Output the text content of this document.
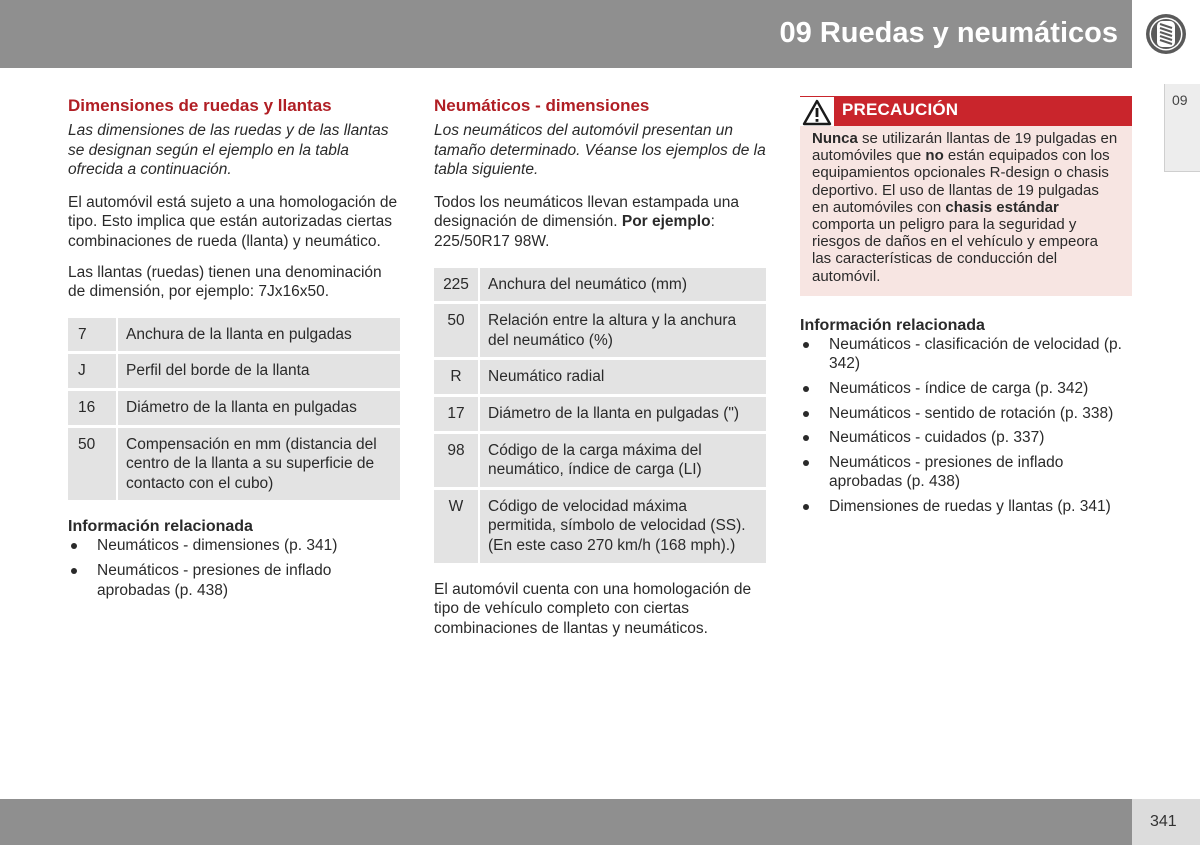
09 Ruedas y neumáticos
09
Dimensiones de ruedas y llantas

Las dimensiones de las ruedas y de las llantas se designan según el ejemplo en la tabla ofrecida a continuación.

El automóvil está sujeto a una homologación de tipo. Esto implica que están autorizadas ciertas combinaciones de rueda (llanta) y neumático.

Las llantas (ruedas) tienen una denominación de dimensión, por ejemplo: 7Jx16x50.

7	Anchura de la llanta en pulgadas
J	Perfil del borde de la llanta
16	Diámetro de la llanta en pulgadas
50	Compensación en mm (distancia del centro de la llanta a su superficie de contacto con el cubo)
Información relacionada
Neumáticos - dimensiones (p. 341)
Neumáticos - presiones de inflado aprobadas (p. 438)
Neumáticos - dimensiones

Los neumáticos del automóvil presentan un tamaño determinado. Véanse los ejemplos de la tabla siguiente.

Todos los neumáticos llevan estampada una designación de dimensión. Por ejemplo: 225/50R17 98W.

225	Anchura del neumático (mm)
50	Relación entre la altura y la anchura del neumático (%)
R	Neumático radial
17	Diámetro de la llanta en pulgadas (")
98	Código de la carga máxima del neumático, índice de carga (LI)
W	Código de velocidad máxima permitida, símbolo de velocidad (SS). (En este caso 270 km/h (168 mph).)

El automóvil cuenta con una homologación de tipo de vehículo completo con ciertas combinaciones de llantas y neumáticos.

PRECAUCIÓN
Nunca se utilizarán llantas de 19 pulgadas en automóviles que no están equipados con los equipamientos opcionales R-design o chasis deportivo. El uso de llantas de 19 pulgadas en automóviles con chasis estándar comporta un peligro para la seguridad y riesgos de daños en el vehículo y empeora las características de conducción del automóvil.
Información relacionada
Neumáticos - clasificación de velocidad (p. 342)
Neumáticos - índice de carga (p. 342)
Neumáticos - sentido de rotación (p. 338)
Neumáticos - cuidados (p. 337)
Neumáticos - presiones de inflado aprobadas (p. 438)
Dimensiones de ruedas y llantas (p. 341)
341
